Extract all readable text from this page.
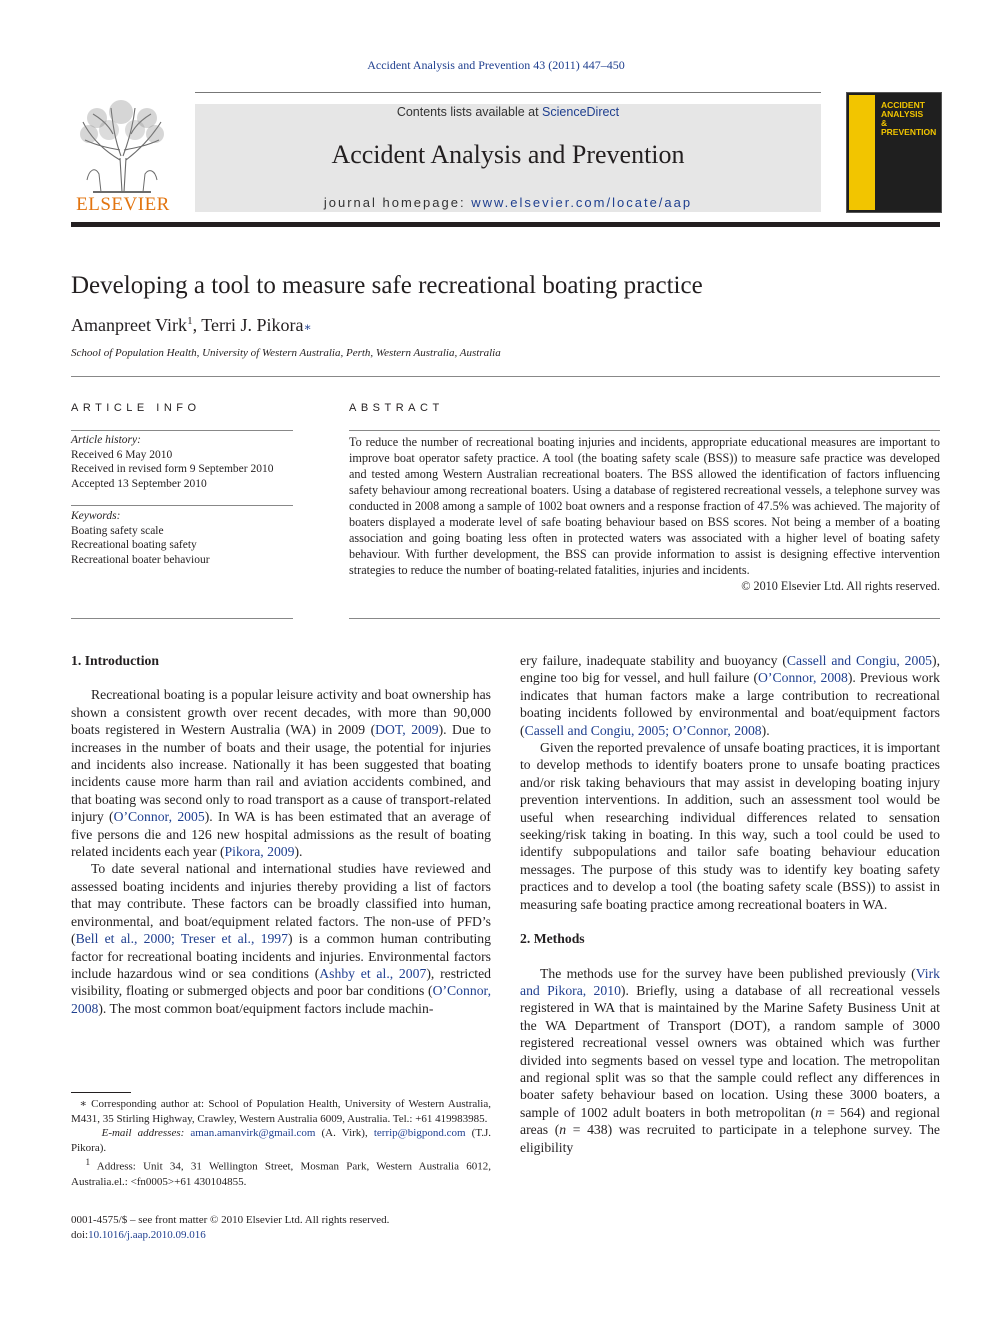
Accident Analysis and Prevention 43 (2011) 447–450
ELSEVIER
Contents lists available at ScienceDirect
Accident Analysis and Prevention
journal homepage: www.elsevier.com/locate/aap
ACCIDENT
ANALYSIS
&
PREVENTION
Developing a tool to measure safe recreational boating practice
Amanpreet Virk$^1$, Terri J. Pikora∗
School of Population Health, University of Western Australia, Perth, Western Australia, Australia
ARTICLE INFO
Article history:
Received 6 May 2010
Received in revised form 9 September 2010
Accepted 13 September 2010
Keywords:
Boating safety scale
Recreational boating safety
Recreational boater behaviour
ABSTRACT
To reduce the number of recreational boating injuries and incidents, appropriate educational measures are important to improve boat operator safety practice. A tool (the boating safety scale (BSS)) to measure safe practice was developed and tested among Western Australian recreational boaters. The BSS allowed the identification of factors influencing safety behaviour among recreational boaters. Using a database of registered recreational vessels, a telephone survey was conducted in 2008 among a sample of 1002 boat owners and a response fraction of 47.5% was achieved. The majority of boaters displayed a moderate level of safe boating behaviour based on BSS scores. Not being a member of a boating association and going boating less often in protected waters was associated with a higher level of boating safety behaviour. With further development, the BSS can provide information to assist is designing effective intervention strategies to reduce the number of boating-related fatalities, injuries and incidents.
© 2010 Elsevier Ltd. All rights reserved.
1. Introduction

Recreational boating is a popular leisure activity and boat ownership has shown a consistent growth over recent decades, with more than 90,000 boats registered in Western Australia (WA) in 2009 (DOT, 2009). Due to increases in the number of boats and their usage, the potential for injuries and incidents also increase. Nationally it has been suggested that boating incidents cause more harm than rail and aviation accidents combined, and that boating was second only to road transport as a cause of transport-related injury (O’Connor, 2005). In WA is has been estimated that an average of five persons die and 126 new hospital admissions as the result of boating related incidents each year (Pikora, 2009).

To date several national and international studies have reviewed and assessed boating incidents and injuries thereby providing a list of factors that may contribute. These factors can be broadly classified into human, environmental, and boat/equipment related factors. The non-use of PFD’s (Bell et al., 2000; Treser et al., 1997) is a common human contributing factor for recreational boating incidents and injuries. Environmental factors include hazardous wind or sea conditions (Ashby et al., 2007), restricted visibility, floating or submerged objects and poor bar conditions (O’Connor, 2008). The most common boat/equipment factors include machin-

ery failure, inadequate stability and buoyancy (Cassell and Congiu, 2005), engine too big for vessel, and hull failure (O’Connor, 2008). Previous work indicates that human factors make a large contribution to recreational boating incidents followed by environmental and boat/equipment factors (Cassell and Congiu, 2005; O’Connor, 2008).

Given the reported prevalence of unsafe boating practices, it is important to develop methods to identify boaters prone to unsafe boating practices and/or risk taking behaviours that may assist in developing boating injury prevention interventions. In addition, such an assessment tool would be useful when researching individual differences related to sensation seeking/risk taking in boating. In this way, such a tool could be used to identify subpopulations and tailor safe boating behaviour education messages. The purpose of this study was to identify key boating safety practices and to develop a tool (the boating safety scale (BSS)) to assist in measuring safe boating practice among recreational boaters in WA.

2. Methods

The methods use for the survey have been published previously (Virk and Pikora, 2010). Briefly, using a database of all recreational vessels registered in WA that is maintained by the Marine Safety Business Unit at the WA Department of Transport (DOT), a random sample of 3000 registered recreational vessel owners was obtained which was further divided into segments based on vessel type and location. The metropolitan and regional split was so that the sample could reflect any differences in boater safety behaviour based on location. Using these 3000 boaters, a sample of 1002 adult boaters in both metropolitan (n = 564) and regional areas (n = 438) was recruited to participate in a telephone survey. The eligibility

∗ Corresponding author at: School of Population Health, University of Western Australia, M431, 35 Stirling Highway, Crawley, Western Australia 6009, Australia. Tel.: +61 419983985.

E-mail addresses: aman.amanvirk@gmail.com (A. Virk), terrip@bigpond.com (T.J. Pikora).

$^1$ Address: Unit 34, 31 Wellington Street, Mosman Park, Western Australia 6012, Australia.el.: <fn0005>+61 430104855.

0001-4575/$ – see front matter © 2010 Elsevier Ltd. All rights reserved.
doi:10.1016/j.aap.2010.09.016
